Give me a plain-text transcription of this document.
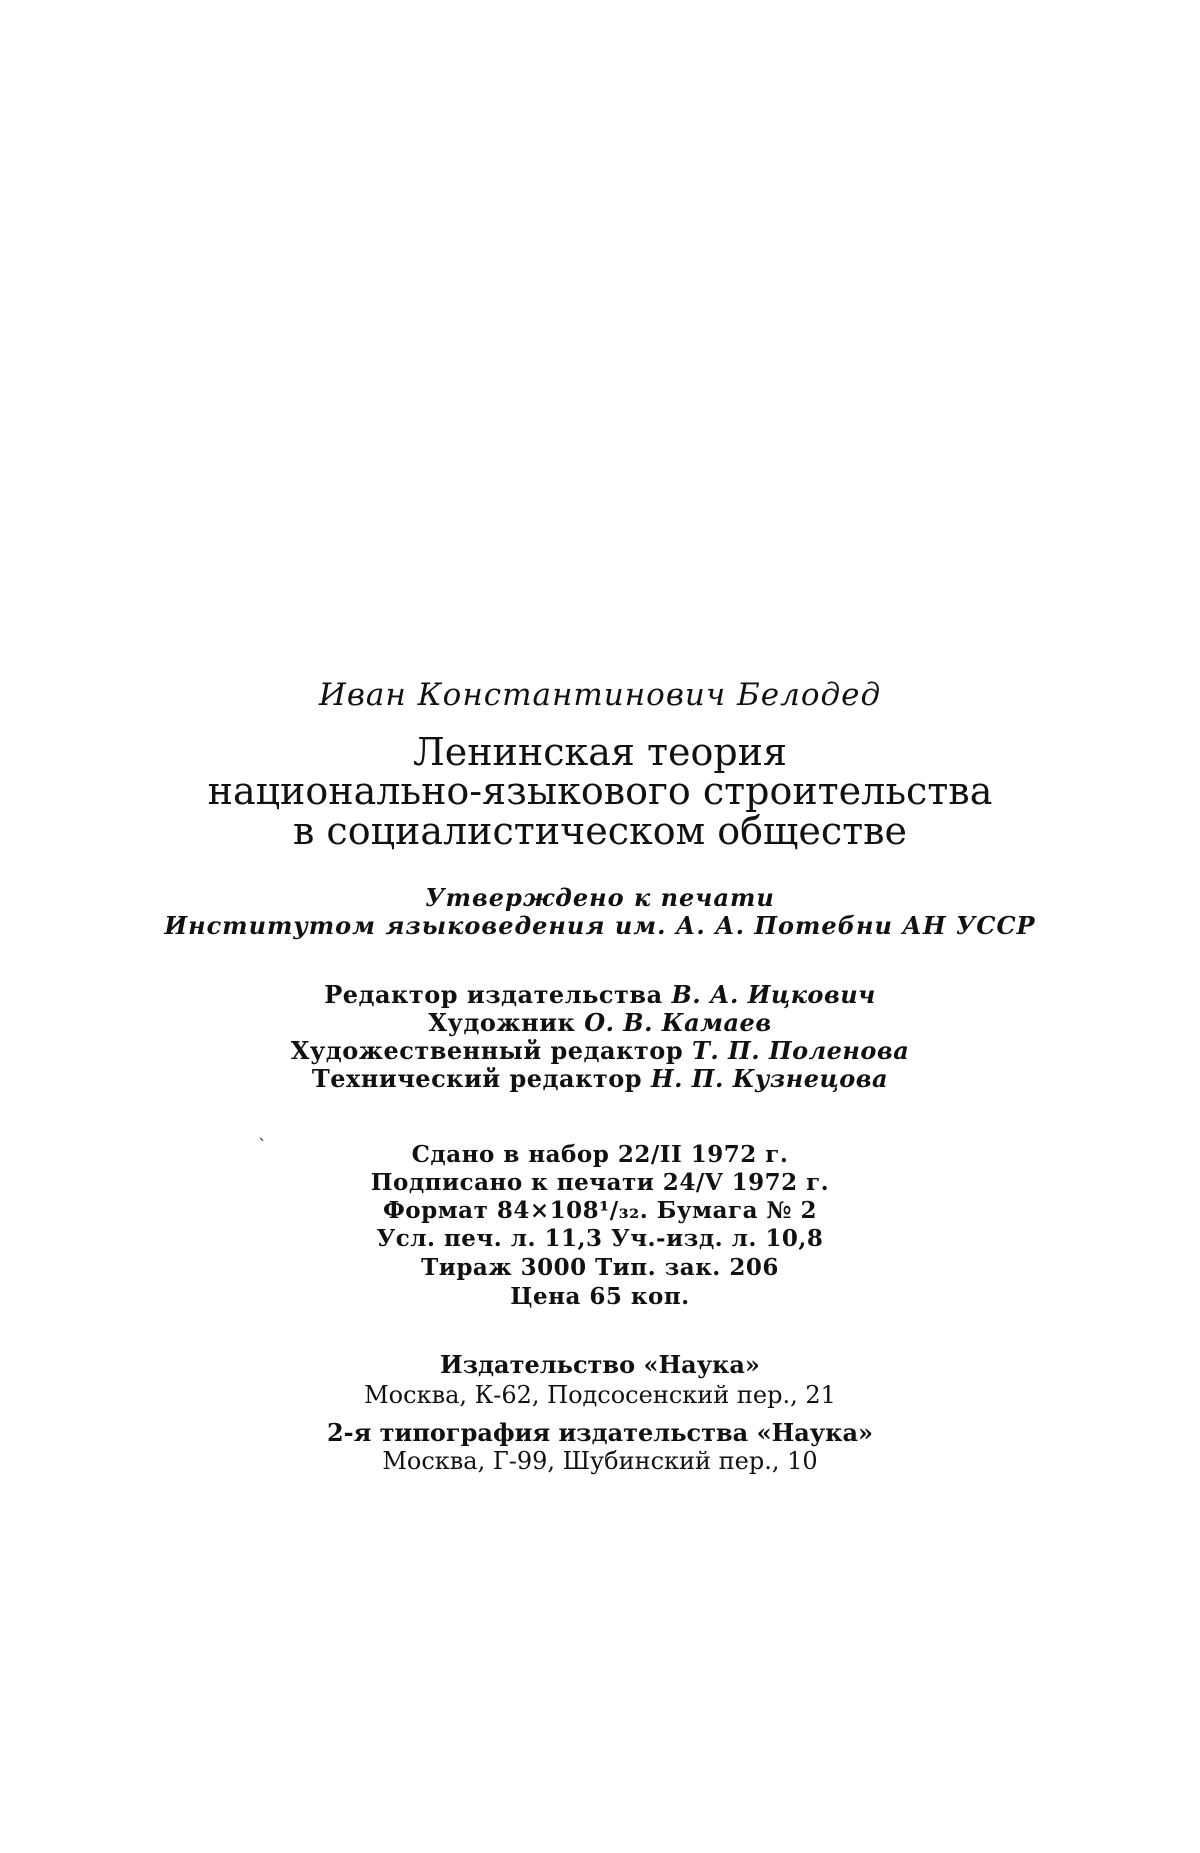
Иван Константинович Белодед
Ленинская теория
национально-языкового строительства
в социалистическом обществе
Утверждено к печати
Институтом языковедения им. А. А. Потебни АН УССР
Редактор издательства В. А. Ицкович
Художник О. В. Камаев
Художественный редактор Т. П. Поленова
Технический редактор Н. П. Кузнецова
`	Сдано в набор 22/II 1972 г.
Подписано к печати 24/V 1972 г.
Формат 84×108¹/₃₂. Бумага № 2
Усл. печ. л. 11,3 Уч.-изд. л. 10,8
Тираж 3000 Тип. зак. 206
Цена 65 коп.
Издательство «Наука»
Москва, К-62, Подсосенский пер., 21
2-я типография издательства «Наука»
Москва, Г-99, Шубинский пер., 10
